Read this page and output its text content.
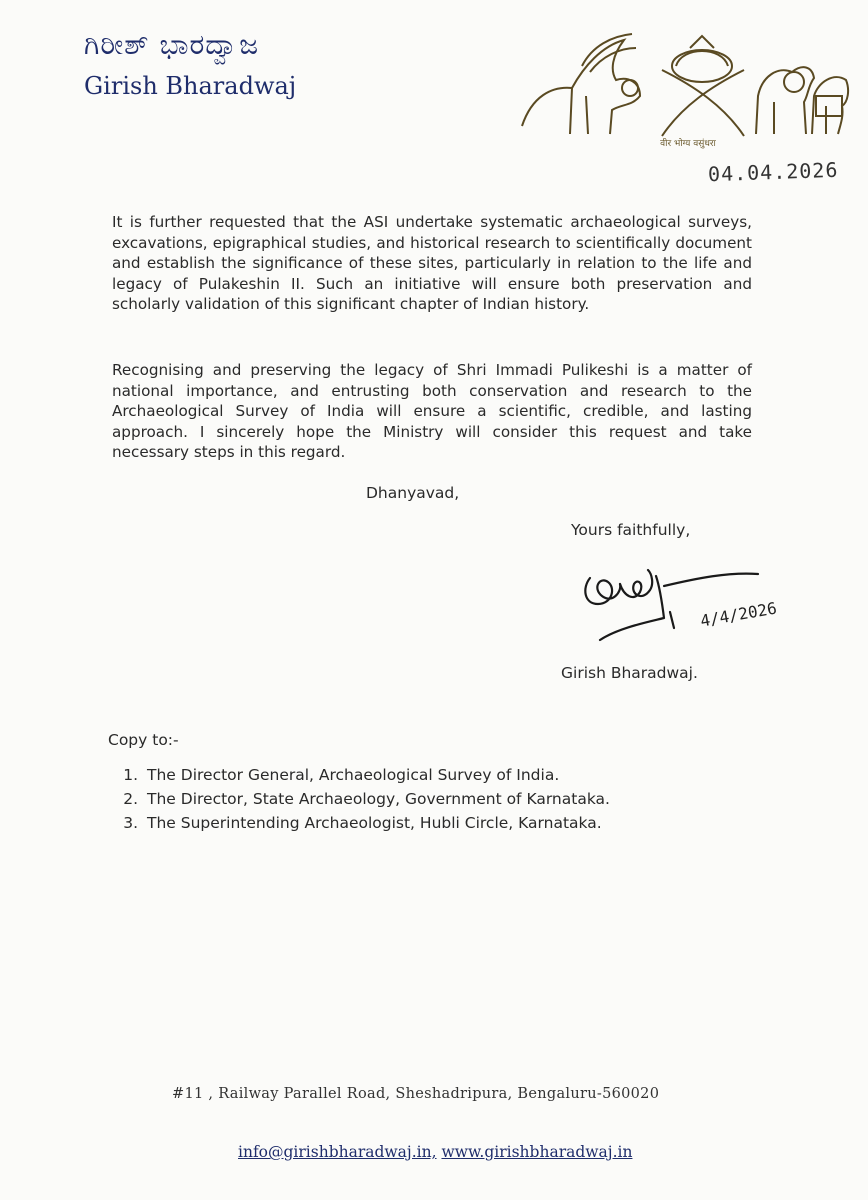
ಗಿರೀಶ್ ಭಾರದ್ವಾಜ
Girish Bharadwaj
वीर भोग्य वसुंधरा
04.04.2026

It is further requested that the ASI undertake systematic archaeological surveys, excavations, epigraphical studies, and historical research to scientifically document and establish the significance of these sites, particularly in relation to the life and legacy of Pulakeshin II. Such an initiative will ensure both preservation and scholarly validation of this significant chapter of Indian history.

Recognising and preserving the legacy of Shri Immadi Pulikeshi is a matter of national importance, and entrusting both conservation and research to the Archaeological Survey of India will ensure a scientific, credible, and lasting approach. I sincerely hope the Ministry will consider this request and take necessary steps in this regard.

Dhanyavad,
Yours faithfully,
4/4/2026
Girish Bharadwaj.
Copy to:-
1. The Director General, Archaeological Survey of India.
2. The Director, State Archaeology, Government of Karnataka.
3. The Superintending Archaeologist, Hubli Circle, Karnataka.
#11 , Railway Parallel Road, Sheshadripura, Bengaluru-560020
info@girishbharadwaj.in, www.girishbharadwaj.in
